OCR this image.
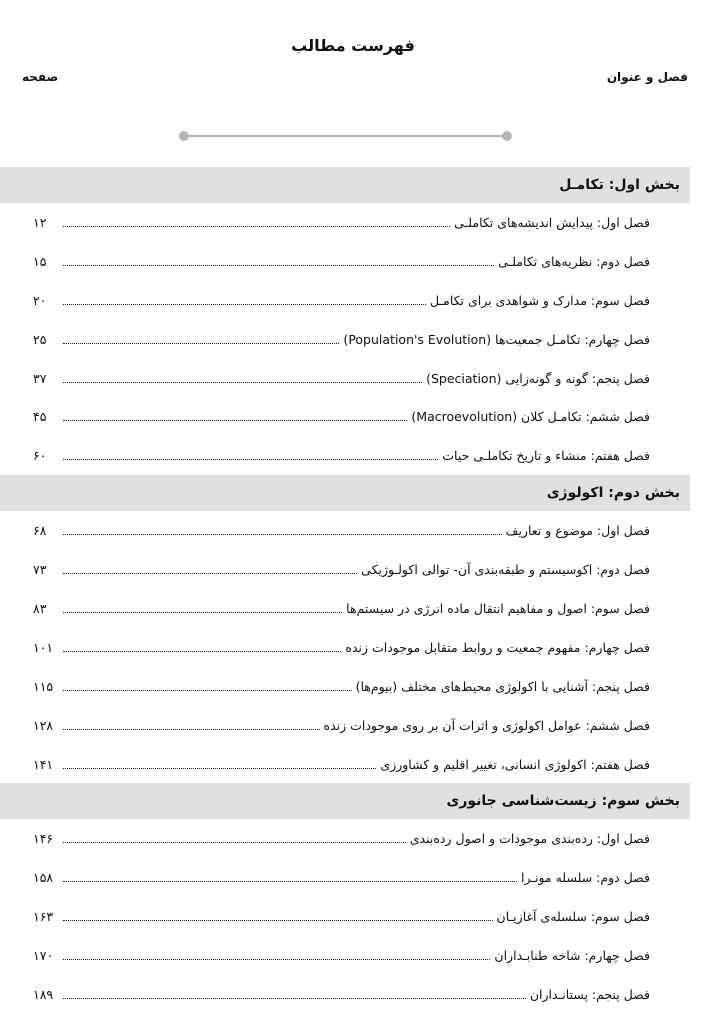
فهرست مطالب
فصل و عنوان
صفحه
بخش اول: تکامـل
فصل اول: پیدایش اندیشه‌های تکاملـی
۱۲
فصل دوم: نظریه‌های تکاملـی
۱۵
فصل سوم: مدارک و شواهدی برای تکامـل
۲۰
فصل چهارم: تکامـل جمعیت‌ها (Population's Evolution)
۲۵
فصل پنجم: گونه و گونه‌زایی (Speciation)
۳۷
فصل ششم: تکامـل کلان (Macroevolution)
۴۵
فصل هفتم: منشاء و تاریخ تکاملـی حیات
۶۰
بخش دوم: اکولوژی
فصل اول: موضوع و تعاریف
۶۸
فصل دوم: اکوسیستم و طبقه‌بندی آن- توالی اکولـوژیکی
۷۳
فصل سوم: اصول و مفاهیم انتقال ماده انرژی در سیستم‌ها
۸۳
فصل چهارم: مفهوم جمعیت و روابط متقابل موجودات زنده
۱۰۱
فصل پنجم: آشنایی با اکولوژی محیط‌های مختلف (بیوم‌ها)
۱۱۵
فصل ششم: عوامل اکولوژی و اثرات آن بر روی موجودات زنده
۱۲۸
فصل هفتم: اکولوژی انسانی، تغییر اقلیم و کشاورزی
۱۴۱
بخش سوم: زیست‌شناسی جانوری
فصل اول: رده‌بندی موجودات و اصول رده‌بندی
۱۴۶
فصل دوم: سلسله مونـرا
۱۵۸
فصل سوم: سلسله‌ی آغازیـان
۱۶۳
فصل چهارم: شاخه طنابـداران
۱۷۰
فصل پنجم: پستانـداران
۱۸۹
